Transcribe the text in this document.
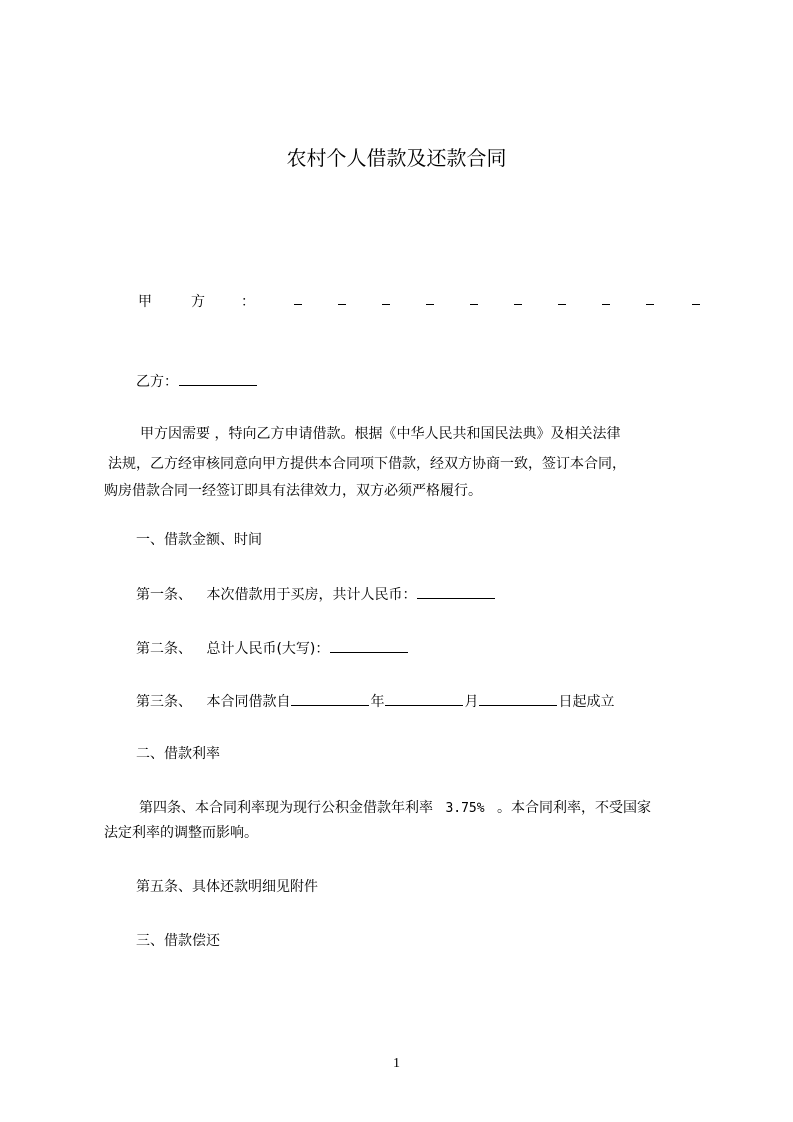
农村个人借款及还款合同
甲	方	：
乙方：
甲方因需要 ，特向乙方申请借款。根据《中华人民共和国民法典》及相关法律
法规，乙方经审核同意向甲方提供本合同项下借款，经双方协商一致，签订本合同，
购房借款合同一经签订即具有法律效力，双方必须严格履行。
一、借款金额、时间
第一条、 本次借款用于买房，共计人民币：
第二条、 总计人民币(大写)：
第三条、 本合同借款自	年	月	日起成立
二、借款利率
第四条、本合同利率现为现行公积金借款年利率 3.75% 。本合同利率，不受国家
法定利率的调整而影响。
第五条、具体还款明细见附件
三、借款偿还
1
